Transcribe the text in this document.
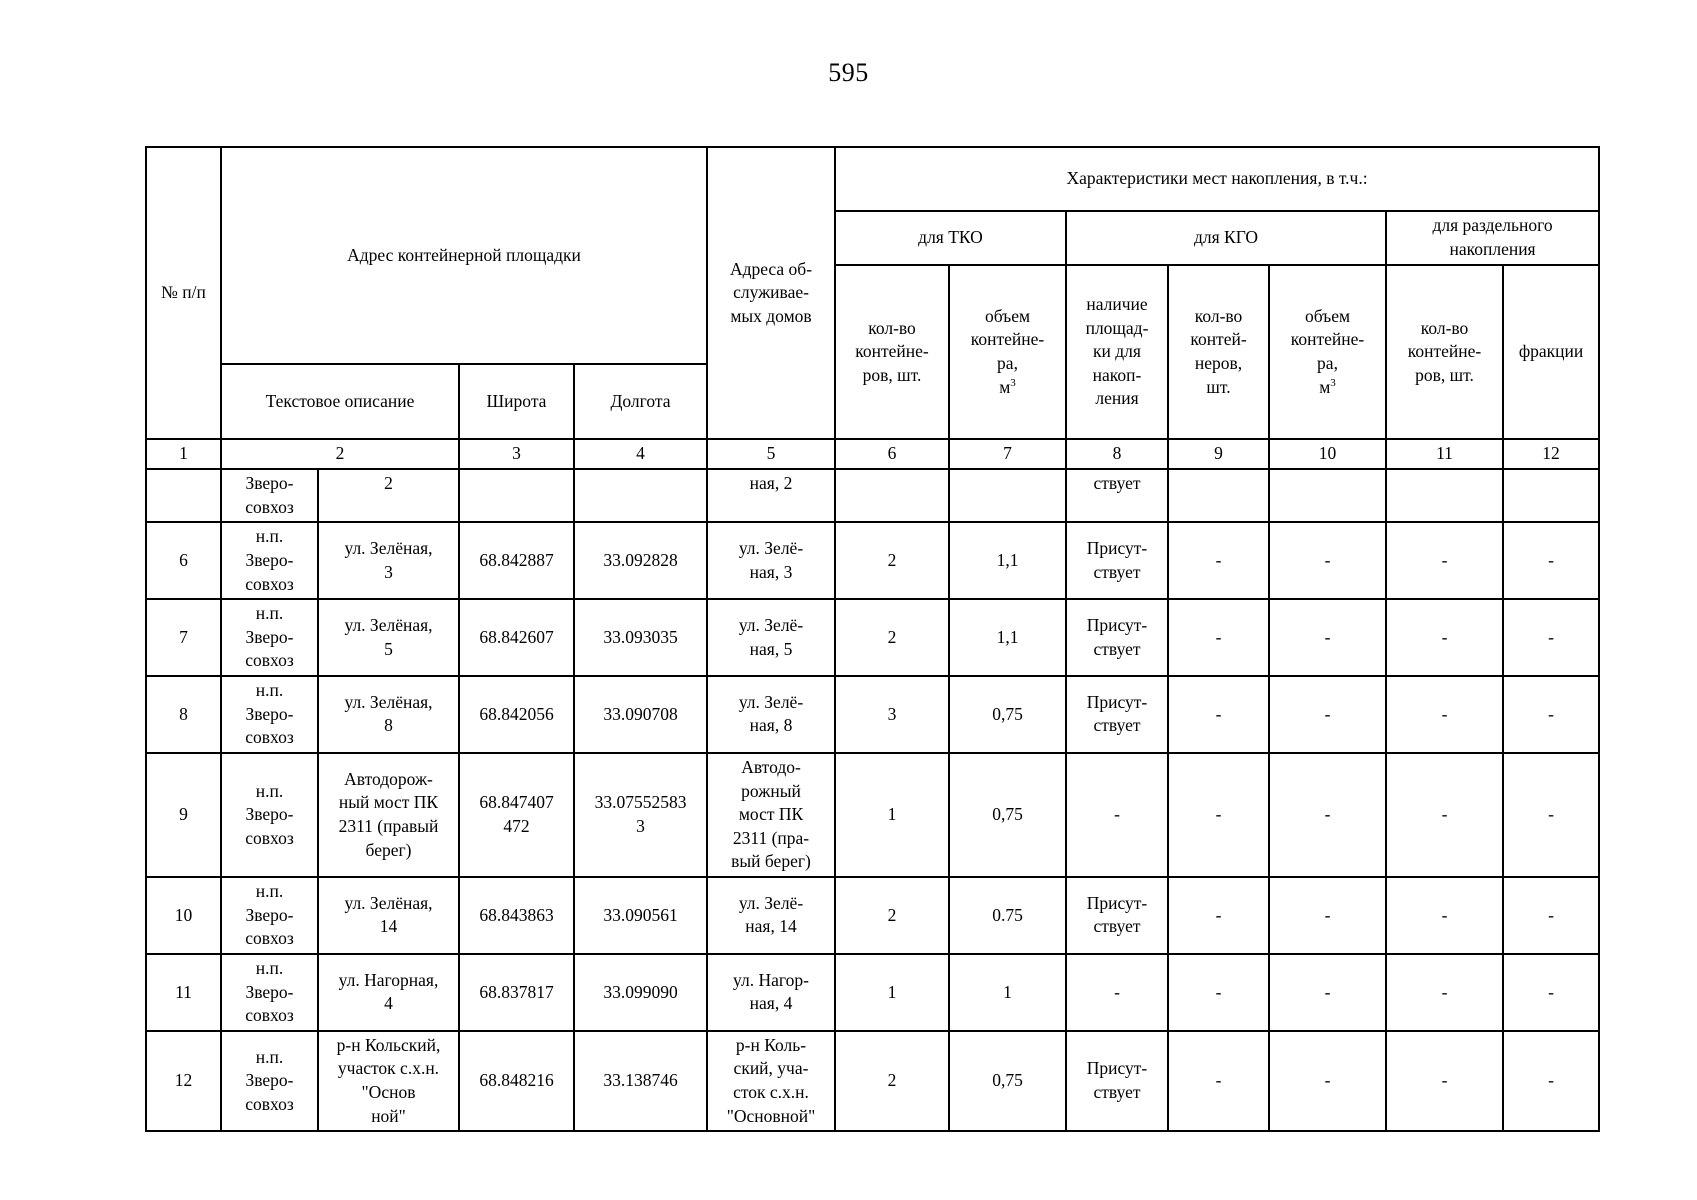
595
№ п/п	Адрес контейнерной площадки				Адреса об-
служивае-
мых домов	Характеристики мест накопления, в т.ч.:						
						для ТКО		для КГО			для раздельного
накопления	
						кол-во
контейне-
ров, шт.	объем
контейне-
ра,
$м^3$	наличие
площад-
ки для
накоп-
ления	кол-во
контей-
неров,
шт.	объем
контейне-
ра,
$м^3$	кол-во
контейне-
ров, шт.	фракции
	Текстовое описание		Широта	Долгота								
1	2		3	4	5	6	7	8	9	10	11	12
	Зверо-
совхоз	2			ная, 2			ствует				
6	н.п.
Зверо-
совхоз	ул. Зелёная,
3	68.842887	33.092828	ул. Зелё-
ная, 3	2	1,1	Присут-
ствует	-	-	-	-
7	н.п.
Зверо-
совхоз	ул. Зелёная,
5	68.842607	33.093035	ул. Зелё-
ная, 5	2	1,1	Присут-
ствует	-	-	-	-
8	н.п.
Зверо-
совхоз	ул. Зелёная,
8	68.842056	33.090708	ул. Зелё-
ная, 8	3	0,75	Присут-
ствует	-	-	-	-
9	н.п.
Зверо-
совхоз	Автодорож-
ный мост ПК
2311 (правый
берег)	68.847407
472	33.07552583
3	Автодо-
рожный
мост ПК
2311 (пра-
вый берег)	1	0,75	-	-	-	-	-
10	н.п.
Зверо-
совхоз	ул. Зелёная,
14	68.843863	33.090561	ул. Зелё-
ная, 14	2	0.75	Присут-
ствует	-	-	-	-
11	н.п.
Зверо-
совхоз	ул. Нагорная,
4	68.837817	33.099090	ул. Нагор-
ная, 4	1	1	-	-	-	-	-
12	н.п.
Зверо-
совхоз	р-н Кольский,
участок с.х.н.
"Основ
ной"	68.848216	33.138746	р-н Коль-
ский, уча-
сток с.х.н.
"Основной"	2	0,75	Присут-
ствует	-	-	-	-
